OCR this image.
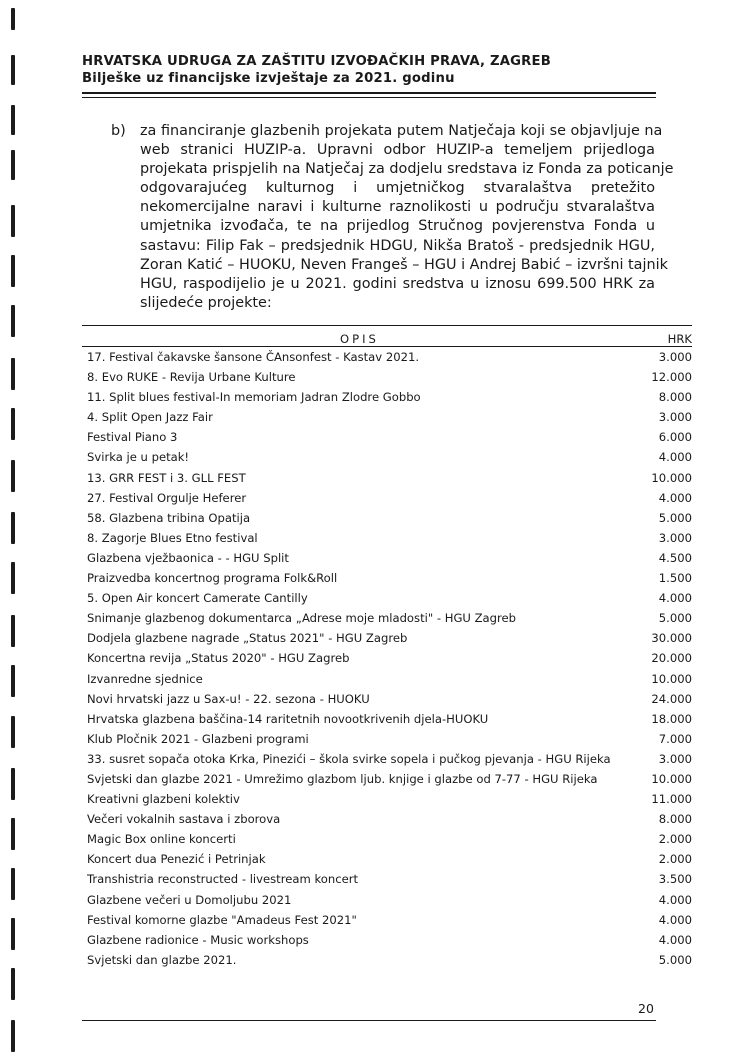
HRVATSKA UDRUGA ZA ZAŠTITU IZVOĐAČKIH PRAVA, ZAGREB
Bilješke uz financijske izvještaje za 2021. godinu
b) za financiranje glazbenih projekata putem Natječaja koji se objavljuje na
web stranici HUZIP-a. Upravni odbor HUZIP-a temeljem prijedloga
projekata prispjelih na Natječaj za dodjelu sredstava iz Fonda za poticanje
odgovarajućeg kulturnog i umjetničkog stvaralaštva pretežito
nekomercijalne naravi i kulturne raznolikosti u području stvaralaštva
umjetnika izvođača, te na prijedlog Stručnog povjerenstva Fonda u
sastavu: Filip Fak – predsjednik HDGU, Nikša Bratoš - predsjednik HGU,
Zoran Katić – HUOKU, Neven Frangeš – HGU i Andrej Babić – izvršni tajnik
HGU, raspodijelio je u 2021. godini sredstva u iznosu 699.500 HRK za
slijedeće projekte:
OPIS	HRK
17. Festival čakavske šansone ČAnsonfest - Kastav 2021.	3.000
8. Evo RUKE - Revija Urbane Kulture	12.000
11. Split blues festival-In memoriam Jadran Zlodre Gobbo	8.000
4. Split Open Jazz Fair	3.000
Festival Piano 3	6.000
Svirka je u petak!	4.000
13. GRR FEST i 3. GLL FEST	10.000
27. Festival Orgulje Heferer	4.000
58. Glazbena tribina Opatija	5.000
8. Zagorje Blues Etno festival	3.000
Glazbena vježbaonica - - HGU Split	4.500
Praizvedba koncertnog programa Folk&Roll	1.500
5. Open Air koncert Camerate Cantilly	4.000
Snimanje glazbenog dokumentarca „Adrese moje mladosti" - HGU Zagreb	5.000
Dodjela glazbene nagrade „Status 2021" - HGU Zagreb	30.000
Koncertna revija „Status 2020" - HGU Zagreb	20.000
Izvanredne sjednice	10.000
Novi hrvatski jazz u Sax-u! - 22. sezona - HUOKU	24.000
Hrvatska glazbena baščina-14 raritetnih novootkrivenih djela-HUOKU	18.000
Klub Pločnik 2021 - Glazbeni programi	7.000
33. susret sopača otoka Krka, Pinezići – škola svirke sopela i pučkog pjevanja - HGU Rijeka	3.000
Svjetski dan glazbe 2021 - Umrežimo glazbom ljub. knjige i glazbe od 7-77 - HGU Rijeka	10.000
Kreativni glazbeni kolektiv	11.000
Večeri vokalnih sastava i zborova	8.000
Magic Box online koncerti	2.000
Koncert dua Penezić i Petrinjak	2.000
Transhistria reconstructed - livestream koncert	3.500
Glazbene večeri u Domoljubu 2021	4.000
Festival komorne glazbe "Amadeus Fest 2021"	4.000
Glazbene radionice - Music workshops	4.000
Svjetski dan glazbe 2021.	5.000
20
